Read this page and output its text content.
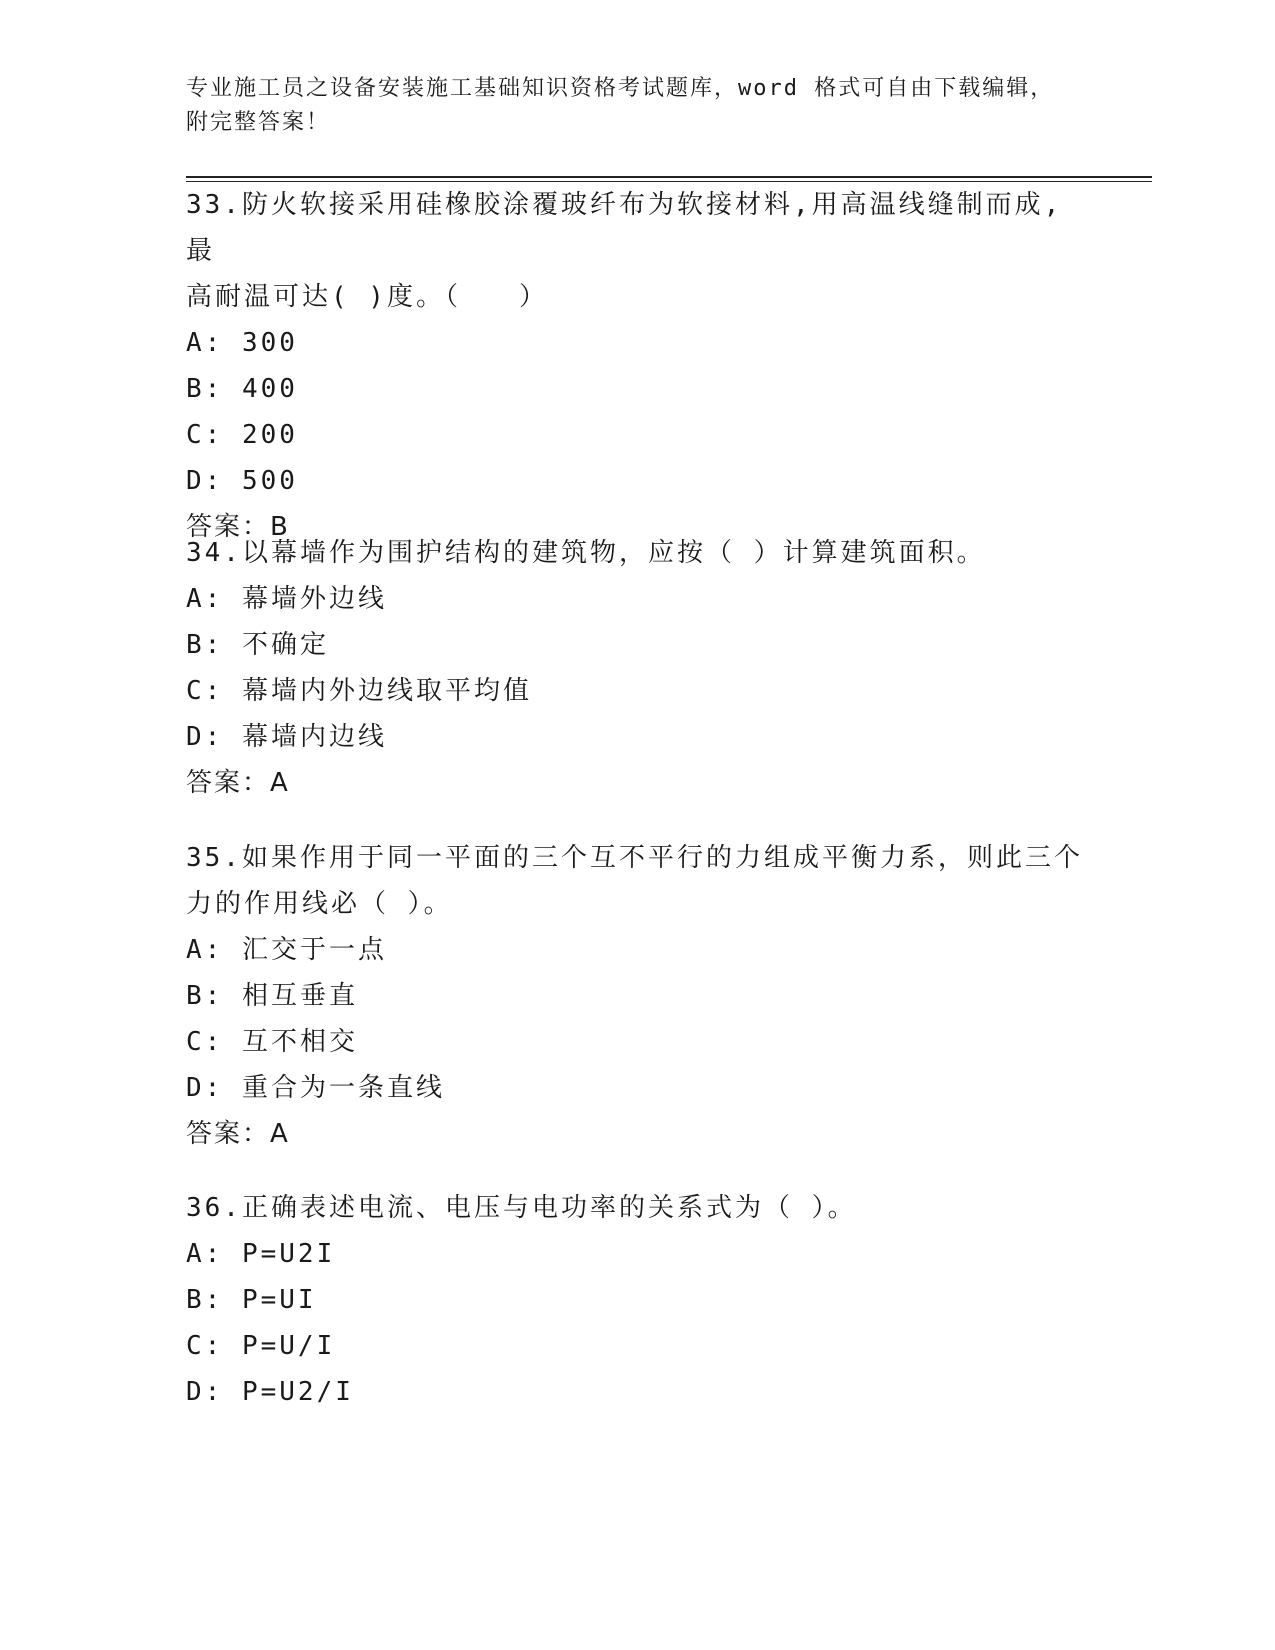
专业施工员之设备安装施工基础知识资格考试题库，word 格式可自由下载编辑，
附完整答案！

33.防火软接采用硅橡胶涂覆玻纤布为软接材料,用高温线缝制而成,最

高耐温可达( )度。（　　）

A: 300

B: 400

C: 200

D: 500

答案：B

34.以幕墙作为围护结构的建筑物，应按（ ）计算建筑面积。

A: 幕墙外边线

B: 不确定

C: 幕墙内外边线取平均值

D: 幕墙内边线

答案：A

35.如果作用于同一平面的三个互不平行的力组成平衡力系，则此三个

力的作用线必（ ）。

A: 汇交于一点

B: 相互垂直

C: 互不相交

D: 重合为一条直线

答案：A

36.正确表述电流、电压与电功率的关系式为（ ）。

A: P=U2I

B: P=UI

C: P=U/I

D: P=U2/I
